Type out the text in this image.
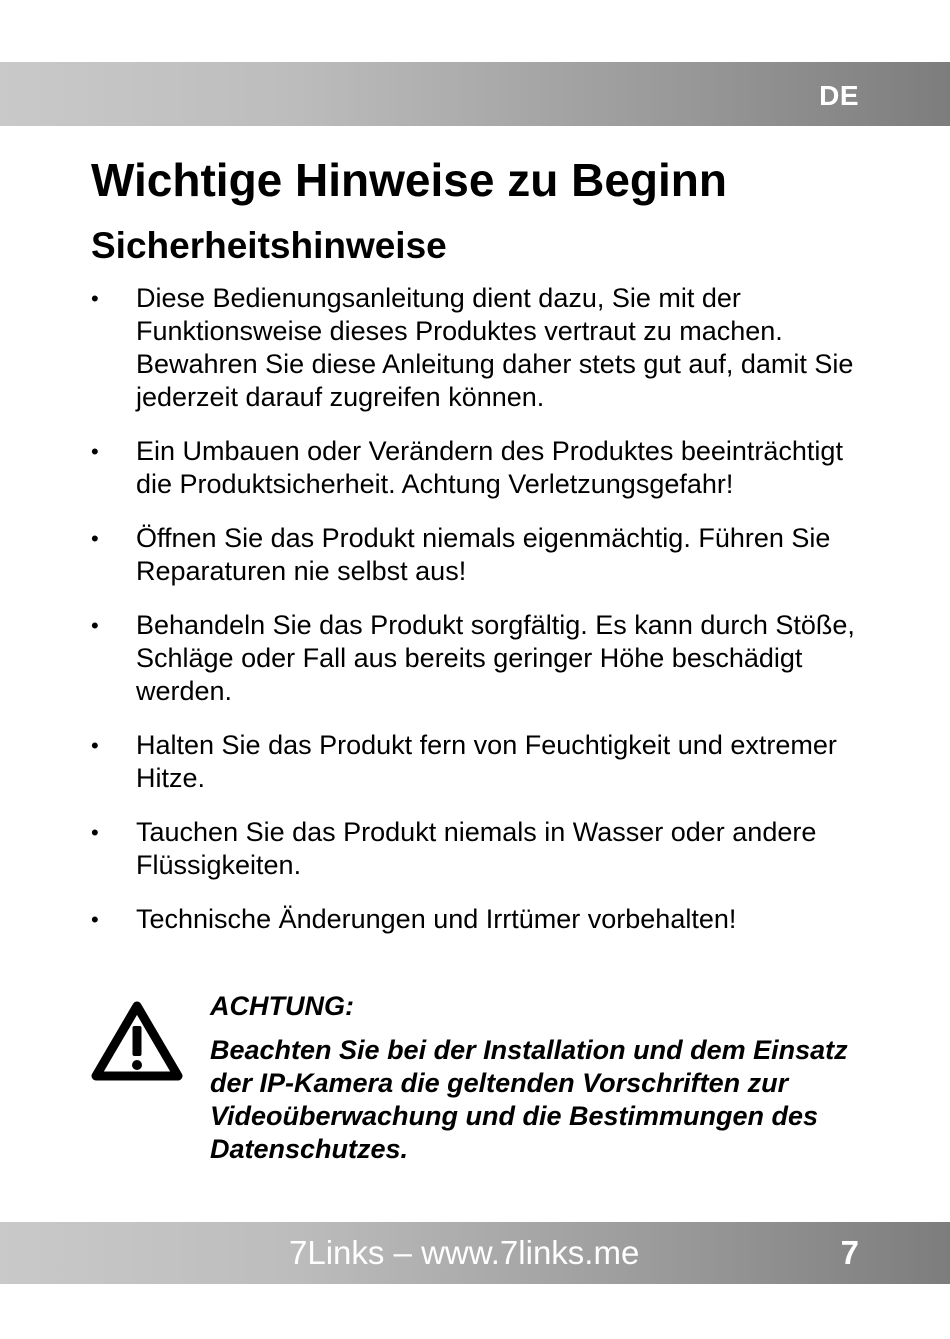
DE
Wichtige Hinweise zu Beginn
Sicherheitshinweise
• Diese Bedienungsanleitung dient dazu, Sie mit der Funktionsweise dieses Produktes vertraut zu machen. Bewahren Sie diese Anleitung daher stets gut auf, damit Sie jederzeit darauf zugreifen können.
• Ein Umbauen oder Verändern des Produktes beeinträchtigt die Produktsicherheit. Achtung Verletzungsgefahr!
• Öffnen Sie das Produkt niemals eigenmächtig. Führen Sie Reparaturen nie selbst aus!
• Behandeln Sie das Produkt sorgfältig. Es kann durch Stöße, Schläge oder Fall aus bereits geringer Höhe beschädigt werden.
• Halten Sie das Produkt fern von Feuchtigkeit und extremer Hitze.
• Tauchen Sie das Produkt niemals in Wasser oder andere Flüssigkeiten.
• Technische Änderungen und Irrtümer vorbehalten!
ACHTUNG:
Beachten Sie bei der Installation und dem Einsatz der IP-Kamera die geltenden Vorschriften zur Videoüberwachung und die Bestimmungen des Datenschutzes.
7Links – www.7links.me	7
